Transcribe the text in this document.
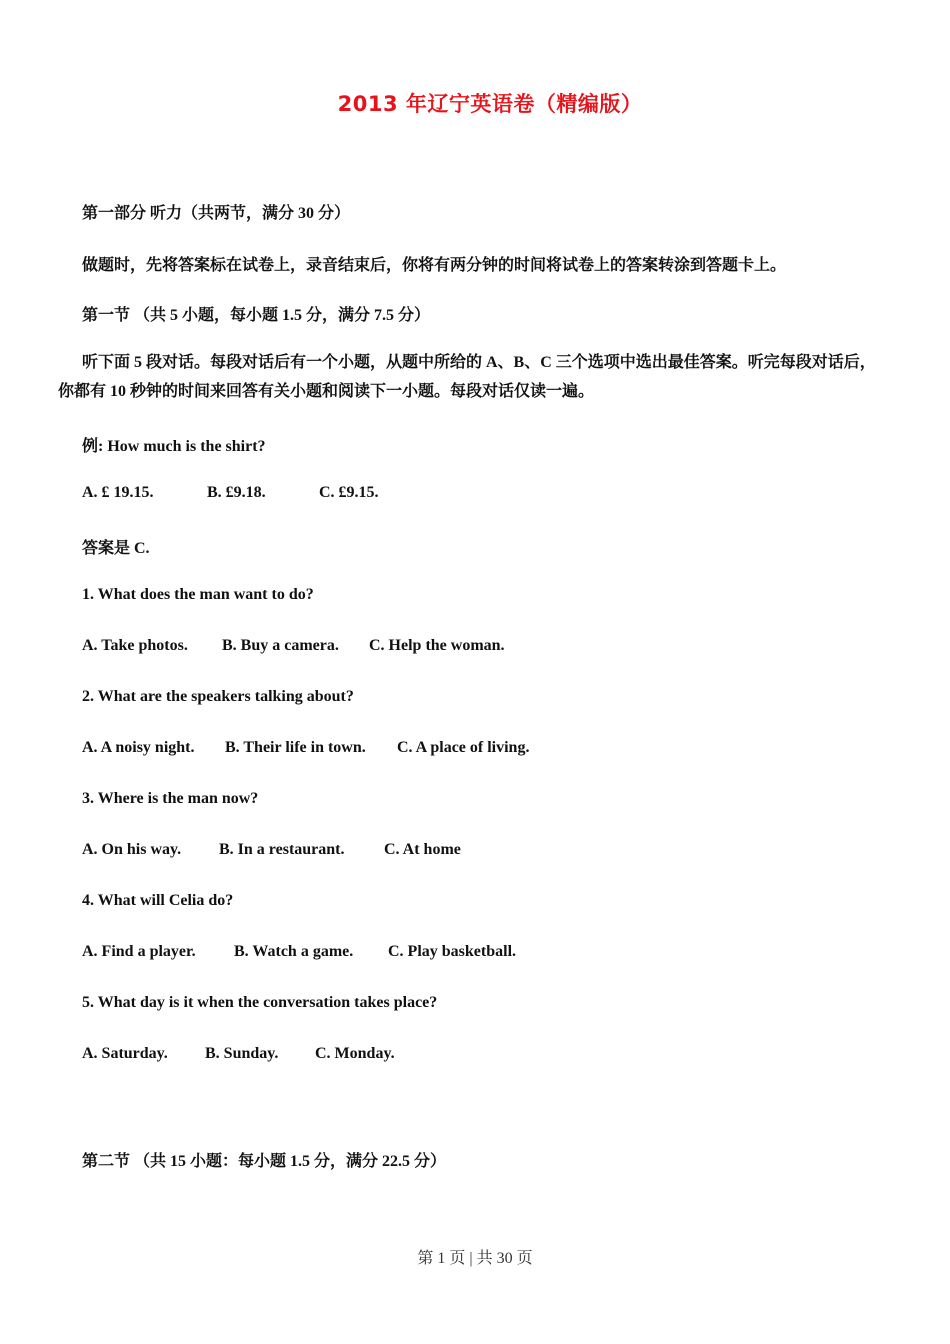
2013 年辽宁英语卷（精编版）
第一部分 听力（共两节，满分 30 分）
做题时，先将答案标在试卷上，录音结束后，你将有两分钟的时间将试卷上的答案转涂到答题卡上。
第一节 （共 5 小题，每小题 1.5 分，满分 7.5 分）
听下面 5 段对话。每段对话后有一个小题，从题中所给的 A、B、C 三个选项中选出最佳答案。听完每段对话后，你都有 10 秒钟的时间来回答有关小题和阅读下一小题。每段对话仅读一遍。
例: How much is the shirt?
A. £ 19.15.	B. £9.18.	C. £9.15.
答案是 C.
1. What does the man want to do?
A. Take photos. B. Buy a camera. C. Help the woman.
2. What are the speakers talking about?
A. A noisy night. B. Their life in town. C. A place of living.
3. Where is the man now?
A. On his way. B. In a restaurant. C. At home
4. What will Celia do?
A. Find a player. B. Watch a game. C. Play basketball.
5. What day is it when the conversation takes place?
A. Saturday. B. Sunday. C. Monday.
第二节 （共 15 小题：每小题 1.5 分，满分 22.5 分）
第 1 页 | 共 30 页
